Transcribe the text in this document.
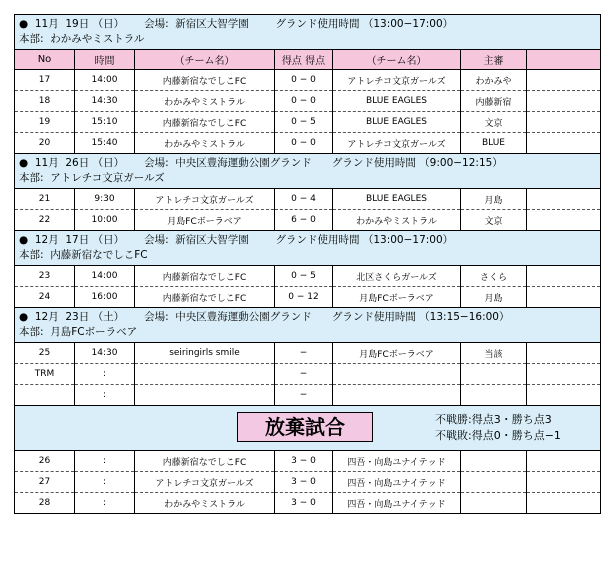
●  11月  19日 （日）      会場:  新宿区大智学園        グランド使用時間 （13:00−17:00）
本部:  わかみやミストラル						

No	時間	（チーム名）	得点 得点	（チーム名）	主審	
17	14:00	内藤新宿なでしこFC	0 − 0	アトレチコ文京ガールズ	わかみや	
18	14:30	わかみやミストラル	0 − 0	BLUE EAGLES	内藤新宿	
19	15:10	内藤新宿なでしこFC	0 − 5	BLUE EAGLES	文京	
20	15:40	わかみやミストラル	0 − 0	アトレチコ文京ガールズ	BLUE	

●  11月  26日 （日）      会場:  中央区豊海運動公園グランド      グランド使用時間 （9:00−12:15）
本部:  アトレチコ文京ガールズ						

21	9:30	アトレチコ文京ガールズ	0 − 4	BLUE EAGLES	月島	
22	10:00	月島FCボーラベア	6 − 0	わかみやミストラル	文京	

●  12月  17日 （日）      会場:  新宿区大智学園        グランド使用時間 （13:00−17:00）
本部:  内藤新宿なでしこFC						

23	14:00	内藤新宿なでしこFC	0 − 5	北区さくらガールズ	さくら	
24	16:00	内藤新宿なでしこFC	0 − 12	月島FCボーラベア	月島	

●  12月  23日 （土）      会場:  中央区豊海運動公園グランド      グランド使用時間 （13:15−16:00）
本部:  月島FCボーラベア						

25	14:30	seiringirls smile	−	月島FCボーラベア	当該	
TRM	:		−			
	:		−			

放棄試合 不戦勝:得点3・勝ち点3
不戦敗:得点0・勝ち点−1						

26	:	内藤新宿なでしこFC	3 − 0	四吾・向島ユナイテッド		
27	:	アトレチコ文京ガールズ	3 − 0	四吾・向島ユナイテッド		
28	:	わかみやミストラル	3 − 0	四吾・向島ユナイテッド		
